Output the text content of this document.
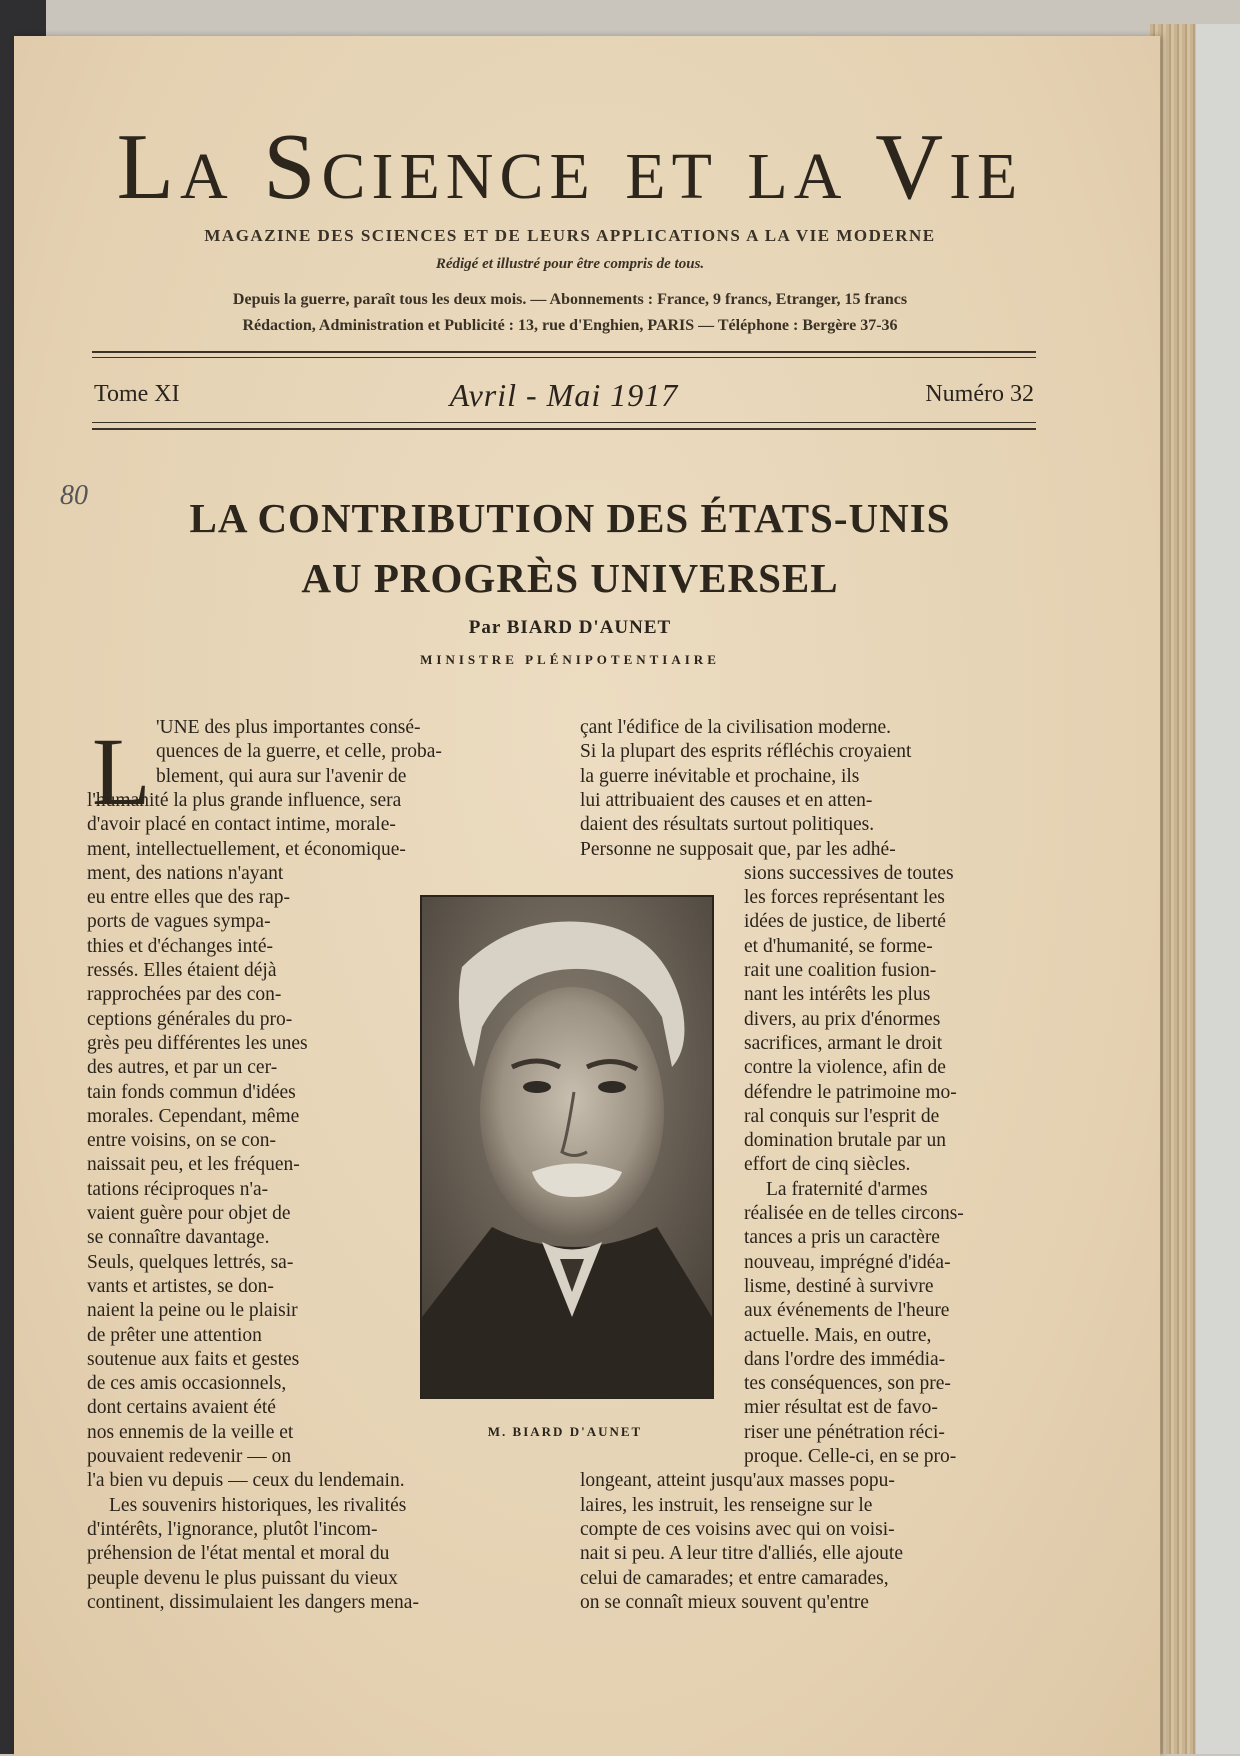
La Science et la Vie
MAGAZINE DES SCIENCES ET DE LEURS APPLICATIONS A LA VIE MODERNE
Rédigé et illustré pour être compris de tous.
Depuis la guerre, paraît tous les deux mois. — Abonnements : France, 9 francs, Etranger, 15 francs
Rédaction, Administration et Publicité : 13, rue d'Enghien, PARIS — Téléphone : Bergère 37-36
Tome XI	Avril - Mai 1917	Numéro 32
80	LA CONTRIBUTION DES ÉTATS-UNIS
AU PROGRÈS UNIVERSEL
Par BIARD D'AUNET
MINISTRE PLÉNIPOTENTIAIRE
L 'UNE des plus importantes consé-
quences de la guerre, et celle, proba-
blement, qui aura sur l'avenir de
l'humanité la plus grande influence, sera
d'avoir placé en contact intime, morale-
ment, intellectuellement, et économique-
ment, des nations n'ayant
eu entre elles que des rap-
ports de vagues sympa-
thies et d'échanges inté-
ressés. Elles étaient déjà
rapprochées par des con-
ceptions générales du pro-
grès peu différentes les unes
des autres, et par un cer-
tain fonds commun d'idées
morales. Cependant, même
entre voisins, on se con-
naissait peu, et les fréquen-
tations réciproques n'a-
vaient guère pour objet de
se connaître davantage.
Seuls, quelques lettrés, sa-
vants et artistes, se don-
naient la peine ou le plaisir
de prêter une attention
soutenue aux faits et gestes
de ces amis occasionnels,
dont certains avaient été
nos ennemis de la veille et
pouvaient redevenir — on
l'a bien vu depuis — ceux du lendemain.
Les souvenirs historiques, les rivalités
d'intérêts, l'ignorance, plutôt l'incom-
préhension de l'état mental et moral du
peuple devenu le plus puissant du vieux
continent, dissimulaient les dangers mena-
çant l'édifice de la civilisation moderne.
Si la plupart des esprits réfléchis croyaient
la guerre inévitable et prochaine, ils
lui attribuaient des causes et en atten-
daient des résultats surtout politiques.
Personne ne supposait que, par les adhé-
sions successives de toutes
les forces représentant les
idées de justice, de liberté
et d'humanité, se forme-
rait une coalition fusion-
nant les intérêts les plus
divers, au prix d'énormes
sacrifices, armant le droit
contre la violence, afin de
défendre le patrimoine mo-
ral conquis sur l'esprit de
domination brutale par un
effort de cinq siècles.
La fraternité d'armes
réalisée en de telles circons-
tances a pris un caractère
nouveau, imprégné d'idéa-
lisme, destiné à survivre
aux événements de l'heure
actuelle. Mais, en outre,
dans l'ordre des immédia-
tes conséquences, son pre-
mier résultat est de favo-
riser une pénétration réci-
proque. Celle-ci, en se pro-
longeant, atteint jusqu'aux masses popu-
laires, les instruit, les renseigne sur le
compte de ces voisins avec qui on voisi-
nait si peu. A leur titre d'alliés, elle ajoute
celui de camarades; et entre camarades,
on se connaît mieux souvent qu'entre
M. BIARD D'AUNET
